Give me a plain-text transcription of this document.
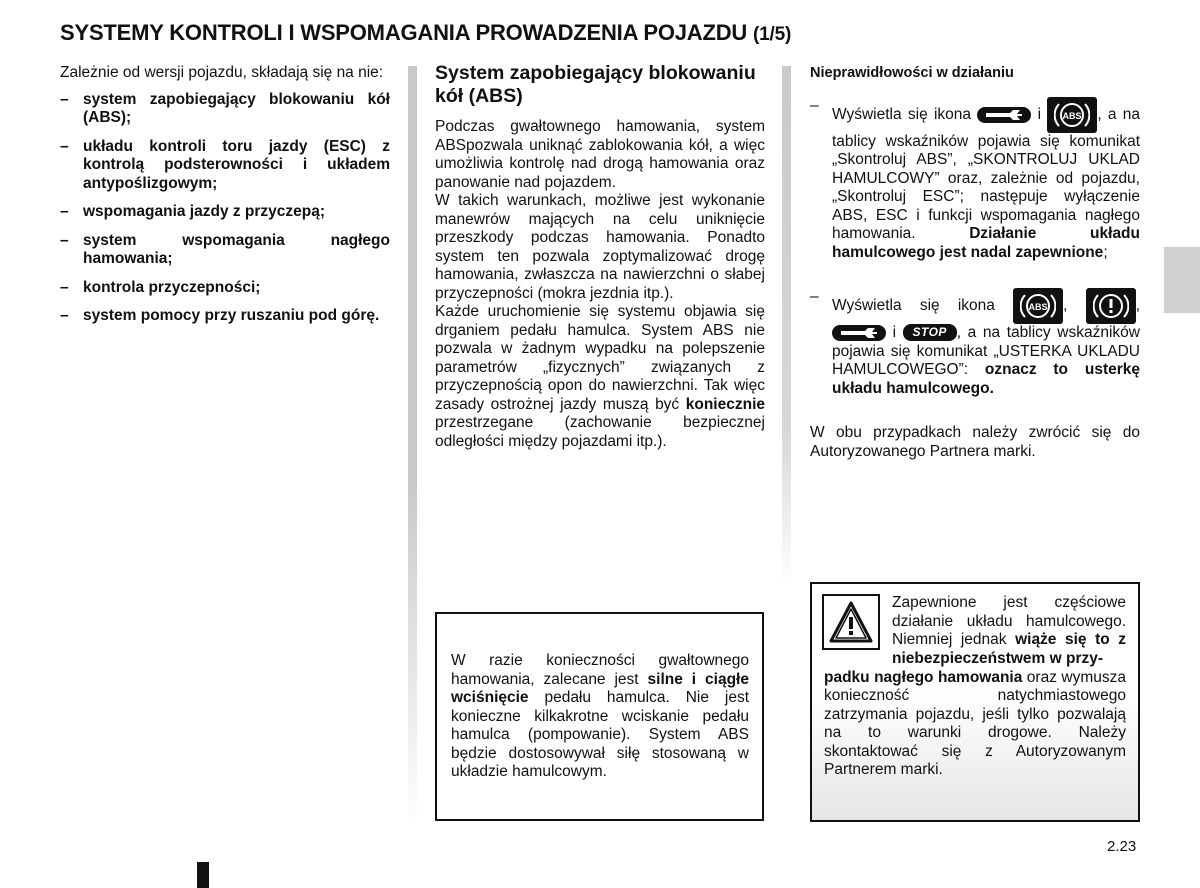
SYSTEMY KONTROLI I WSPOMAGANIA PROWADZENIA POJAZDU (1/5)

Zależnie od wersji pojazdu, składają się na nie:

– system zapobiegający blokowaniu kół (ABS);
– układu kontroli toru jazdy (ESC) z kontrolą podsterowności i układem antypoślizgowym;
– wspomagania jazdy z przyczepą;
– system wspomagania nagłego hamowania;
– kontrola przyczepności;
– system pomocy przy ruszaniu pod górę.
System zapobiegający blokowaniu kół (ABS)
Podczas gwałtownego hamowania, system ABSpozwala uniknąć zablokowania kół, a więc umożliwia kontrolę nad drogą hamowania oraz panowanie nad pojazdem.
W takich warunkach, możliwe jest wykonanie manewrów mających na celu uniknięcie przeszkody podczas hamowania. Ponadto system ten pozwala zoptymalizować drogę hamowania, zwłaszcza na nawierzchni o słabej przyczepności (mokra jezdnia itp.).
Każde uruchomienie się systemu objawia się drganiem pedału hamulca. System ABS nie pozwala w żadnym wypadku na polepszenie parametrów „fizycznych” związanych z przyczepnością opon do nawierzchni. Tak więc zasady ostrożnej jazdy muszą być koniecznie przestrzegane (zachowanie bezpiecznej odległości między pojazdami itp.).
W razie konieczności gwałtownego hamowania, zalecane jest silne i ciągłe wciśnięcie pedału hamulca. Nie jest konieczne kilkakrotne wciskanie pedału hamulca (pompowanie). System ABS będzie dostosowywał siłę stosowaną w układzie hamulcowym.
Nieprawidłowości w działaniu
–
Wyświetla się ikona	i ABS , a na tablicy wskaźników pojawia się komunikat „Skontroluj ABS”, „SKONTROLUJ UKLAD HAMULCOWY” oraz, zależnie od pojazdu, „Skontroluj ESC”; następuje wyłączenie ABS, ESC i funkcji wspomagania nagłego hamowania. Działanie układu hamulcowego jest nadal zapewnione;
–
Wyświetla się ikona	ABS ,	,
i STOP , a na tablicy wskaźników pojawia się komunikat „USTERKA UKLADU HAMULCOWEGO”: oznacz to usterkę układu hamulcowego.

W obu przypadkach należy zwrócić się do Autoryzowanego Partnera marki.

Zapewnione jest częściowe działanie układu hamulcowego. Niemniej jednak wiąże się to z niebezpieczeństwem w przy-
padku nagłego hamowania oraz wymusza konieczność natychmiastowego zatrzymania pojazdu, jeśli tylko pozwalają na to warunki drogowe. Należy skontaktować się z Autoryzowanym Partnerem marki.
2.23
